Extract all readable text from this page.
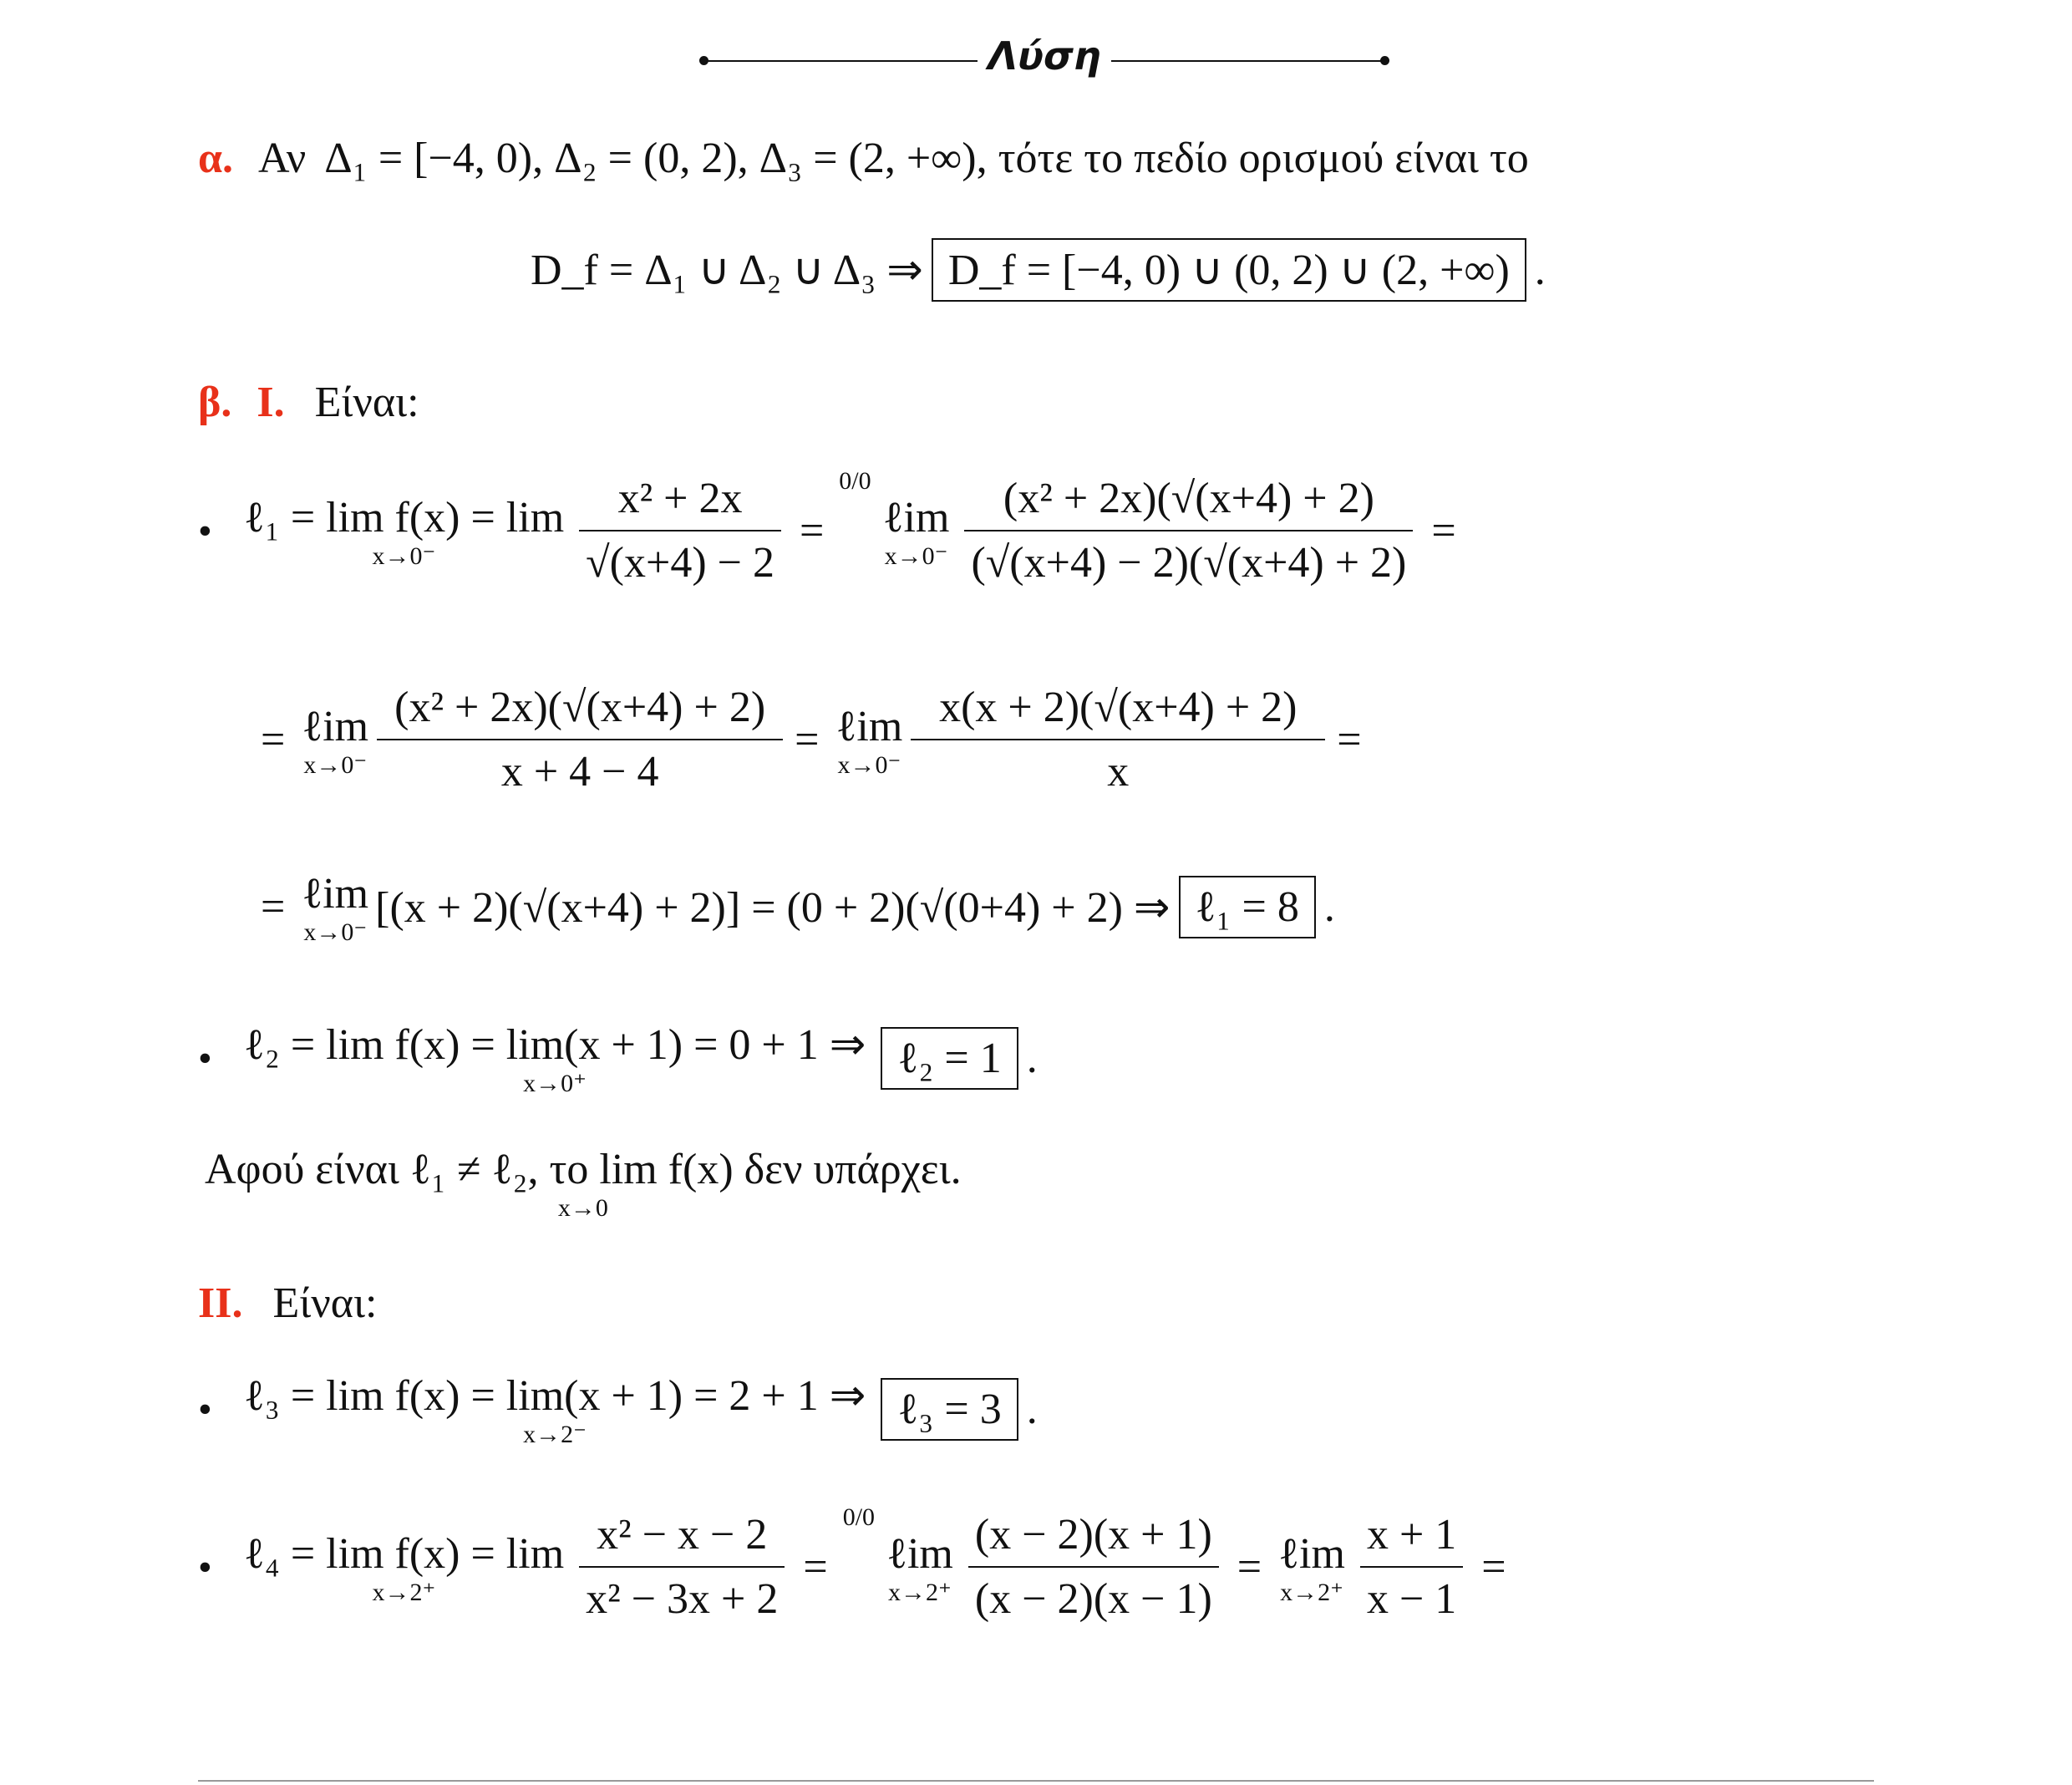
Λύση
α. Αν Δ₁ = [−4, 0) , Δ₂ = (0, 2) , Δ₃ = (2, +∞) , τότε το πεδίο ορισμού είναι το
D_f = Δ₁ ∪ Δ₂ ∪ Δ₃ ⇒ D_f = [−4, 0) ∪ (0, 2) ∪ (2, +∞) .
β. I. Είναι:
• ℓ₁ = lim f(x) = lim
x→0⁻	$\frac{\text{x² + 2x}}{√(x+4) - 2}$ =
0/0
ℓim
$x\to 0^- \frac{\text{(x² + 2x)(√(x+4) + 2)}}{(√(x+4) - 2)(√(x+4) + 2)}$ =
= ℓim
$x\to 0^- \frac{\text{(x² + 2x)(√(x+4) + 2)}}{x + 4 - 4}$ = ℓim
$x\to 0^- \frac{x(x + 2)(√(x+4) + 2)}{x}$ =
= ℓim
x→0⁻
[(x + 2)(√(x+4) + 2)] = (0 + 2)(√(0+4) + 2) ⇒ ℓ₁ = 8 .
• ℓ₂ = lim f(x) = lim(x + 1) = 0 + 1 ⇒
x→0⁺
ℓ₂ = 1 .
Αφού είναι ℓ₁ ≠ ℓ₂, το lim f(x) δεν υπάρχει.
x→0
II. Είναι:
• ℓ₃ = lim f(x) = lim(x + 1) = 2 + 1 ⇒
x→2⁻
ℓ₃ = 3 .
• ℓ₄ = lim f(x) = lim
x→2⁺	$\frac{\text{x² − x − 2}}{\text{x² − 3x + 2}}$ =
0/0
ℓim
$x\to 2^+ \frac{(x - 2)(x + 1)}{(x - 2)(x - 1)}$ = ℓim
$x\to 2^+ \frac{x + 1}{x - 1}$ =
